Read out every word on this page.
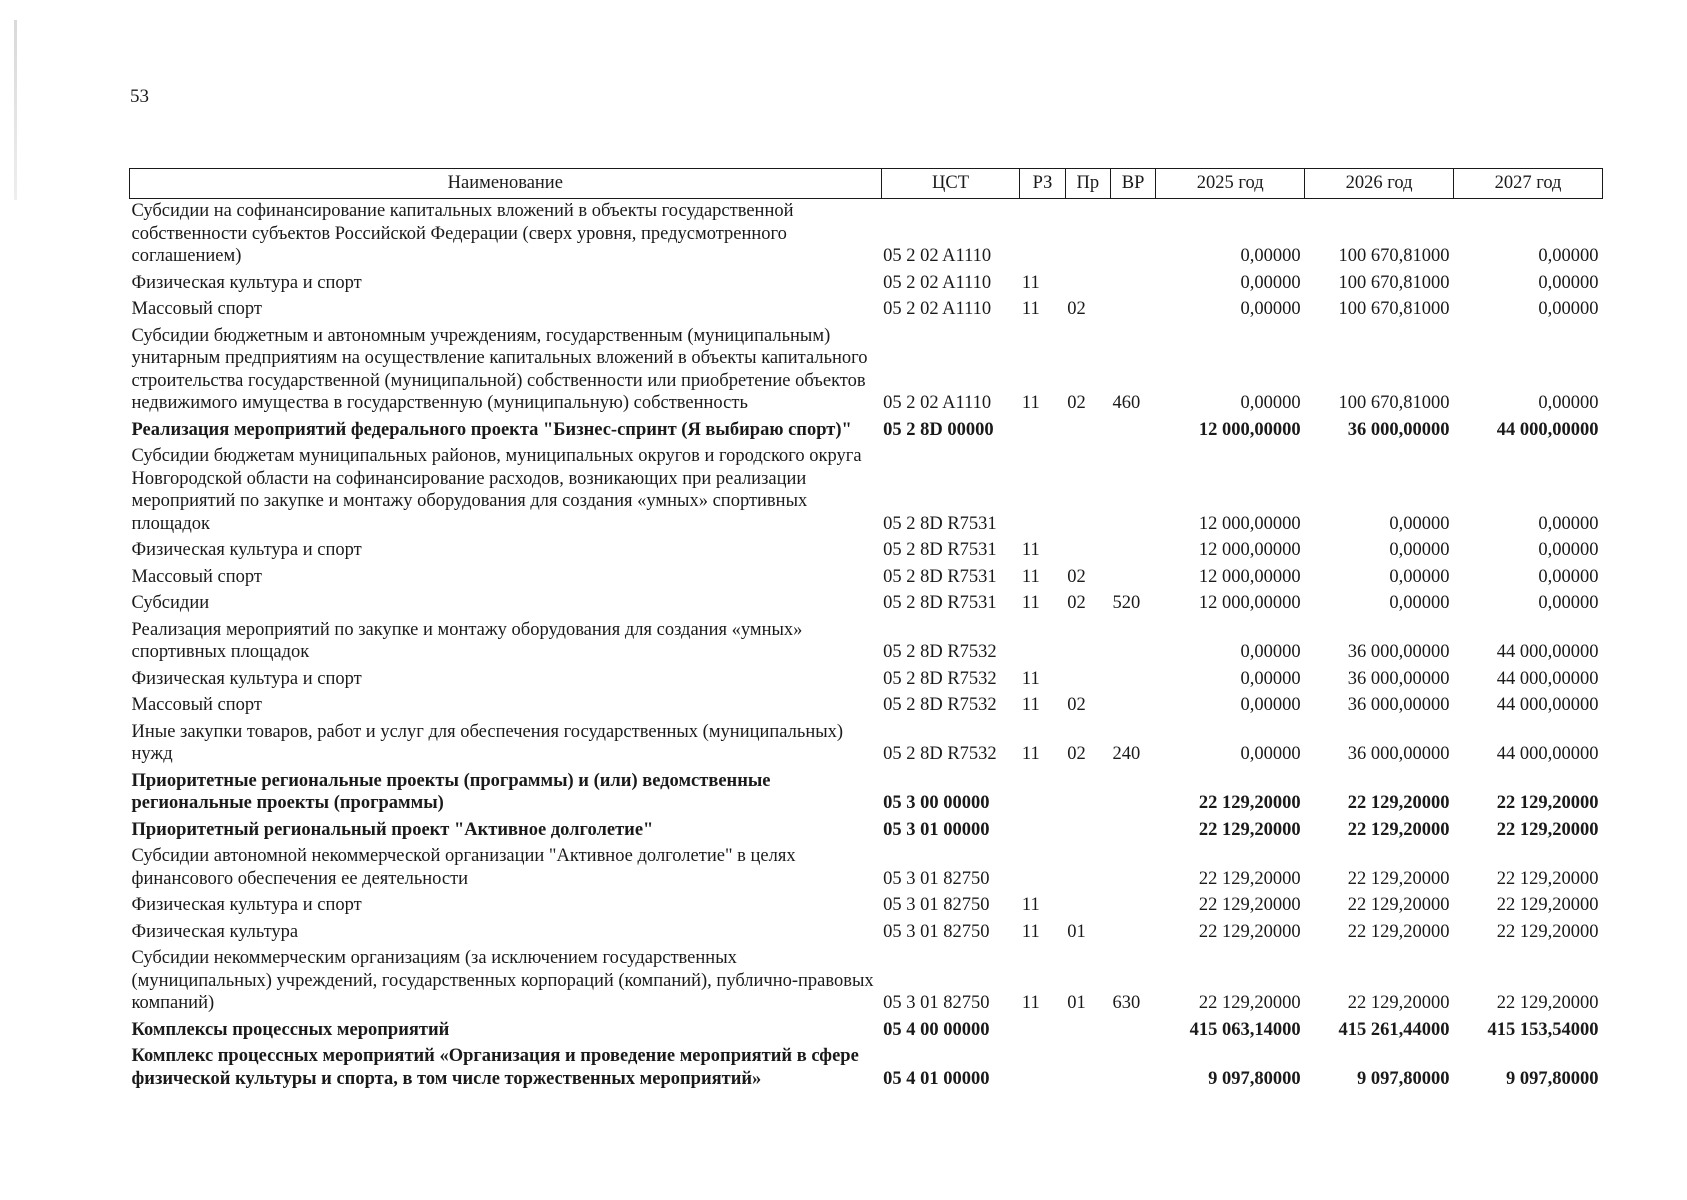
53
Наименование	ЦСТ	РЗ	Пр	ВР	2025 год	2026 год	2027 год
Субсидии на софинансирование капитальных вложений в объекты государственной собственности субъектов Российской Федерации (сверх уровня, предусмотренного соглашением)	05 2 02 A1110				0,00000	100 670,81000	0,00000
Физическая культура и спорт	05 2 02 A1110	11			0,00000	100 670,81000	0,00000
Массовый спорт	05 2 02 A1110	11	02		0,00000	100 670,81000	0,00000
Субсидии бюджетным и автономным учреждениям, государственным (муниципальным) унитарным предприятиям на осуществление капитальных вложений в объекты капитального строительства государственной (муниципальной) собственности или приобретение объектов недвижимого имущества в государственную (муниципальную) собственность	05 2 02 A1110	11	02	460	0,00000	100 670,81000	0,00000
Реализация мероприятий федерального проекта "Бизнес-спринт (Я выбираю спорт)"	05 2 8D 00000				12 000,00000	36 000,00000	44 000,00000
Субсидии бюджетам муниципальных районов, муниципальных округов и городского округа Новгородской области на софинансирование расходов, возникающих при реализации мероприятий по закупке и монтажу оборудования для создания «умных» спортивных площадок	05 2 8D R7531				12 000,00000	0,00000	0,00000
Физическая культура и спорт	05 2 8D R7531	11			12 000,00000	0,00000	0,00000
Массовый спорт	05 2 8D R7531	11	02		12 000,00000	0,00000	0,00000
Субсидии	05 2 8D R7531	11	02	520	12 000,00000	0,00000	0,00000
Реализация мероприятий по закупке и монтажу оборудования для создания «умных» спортивных площадок	05 2 8D R7532				0,00000	36 000,00000	44 000,00000
Физическая культура и спорт	05 2 8D R7532	11			0,00000	36 000,00000	44 000,00000
Массовый спорт	05 2 8D R7532	11	02		0,00000	36 000,00000	44 000,00000
Иные закупки товаров, работ и услуг для обеспечения государственных (муниципальных) нужд	05 2 8D R7532	11	02	240	0,00000	36 000,00000	44 000,00000
Приоритетные региональные проекты (программы) и (или) ведомственные региональные проекты (программы)	05 3 00 00000				22 129,20000	22 129,20000	22 129,20000
Приоритетный региональный проект "Активное долголетие"	05 3 01 00000				22 129,20000	22 129,20000	22 129,20000
Субсидии автономной некоммерческой организации "Активное долголетие" в целях финансового обеспечения ее деятельности	05 3 01 82750				22 129,20000	22 129,20000	22 129,20000
Физическая культура и спорт	05 3 01 82750	11			22 129,20000	22 129,20000	22 129,20000
Физическая культура	05 3 01 82750	11	01		22 129,20000	22 129,20000	22 129,20000
Субсидии некоммерческим организациям (за исключением государственных (муниципальных) учреждений, государственных корпораций (компаний), публично-правовых компаний)	05 3 01 82750	11	01	630	22 129,20000	22 129,20000	22 129,20000
Комплексы процессных мероприятий	05 4 00 00000				415 063,14000	415 261,44000	415 153,54000
Комплекс процессных мероприятий «Организация и проведение мероприятий в сфере физической культуры и спорта, в том числе торжественных мероприятий»	05 4 01 00000				9 097,80000	9 097,80000	9 097,80000
